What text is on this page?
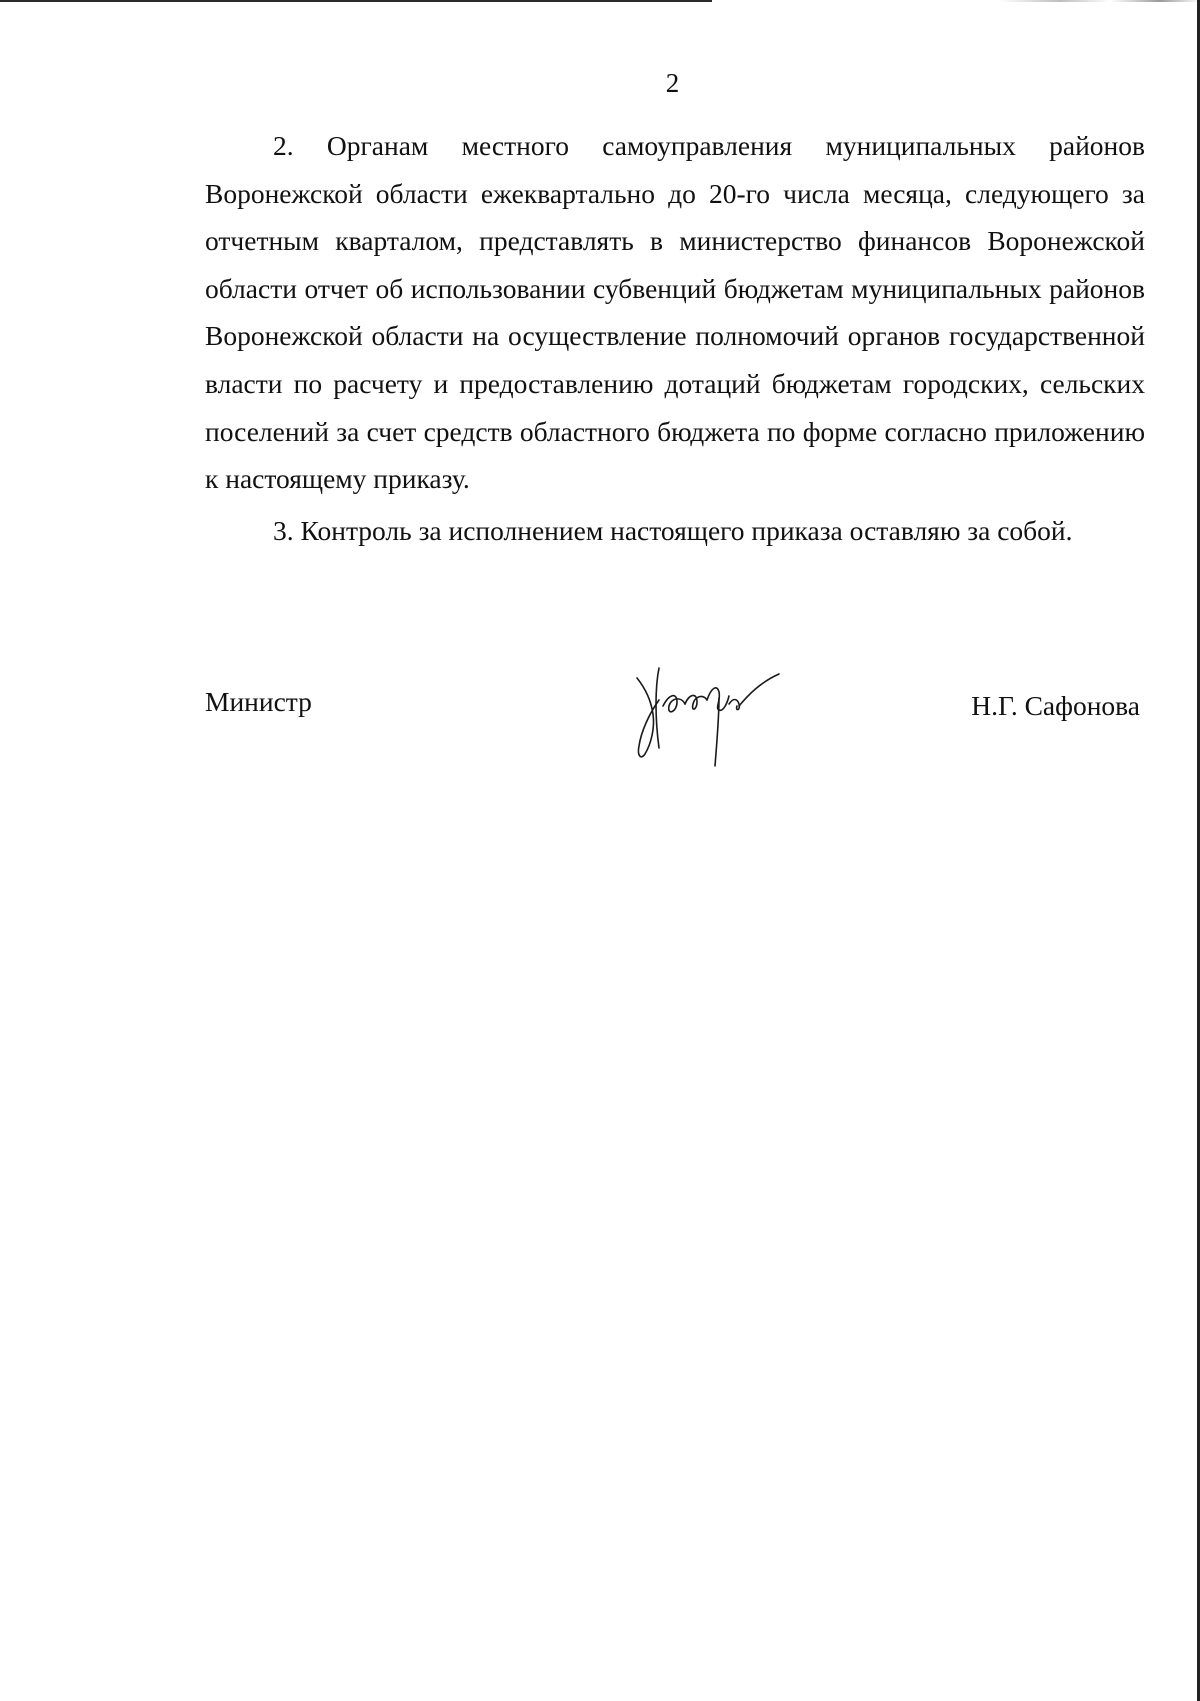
2

2. Органам местного самоуправления муниципальных районов Воронежской области ежеквартально до 20-го числа месяца, следующего за отчетным кварталом, представлять в министерство финансов Воронежской области отчет об использовании субвенций бюджетам муниципальных районов Воронежской области на осуществление полномочий органов государственной власти по расчету и предоставлению дотаций бюджетам городских, сельских поселений за счет средств областного бюджета по форме согласно приложению к настоящему приказу.

3. Контроль за исполнением настоящего приказа оставляю за собой.

Министр	Н.Г. Сафонова
